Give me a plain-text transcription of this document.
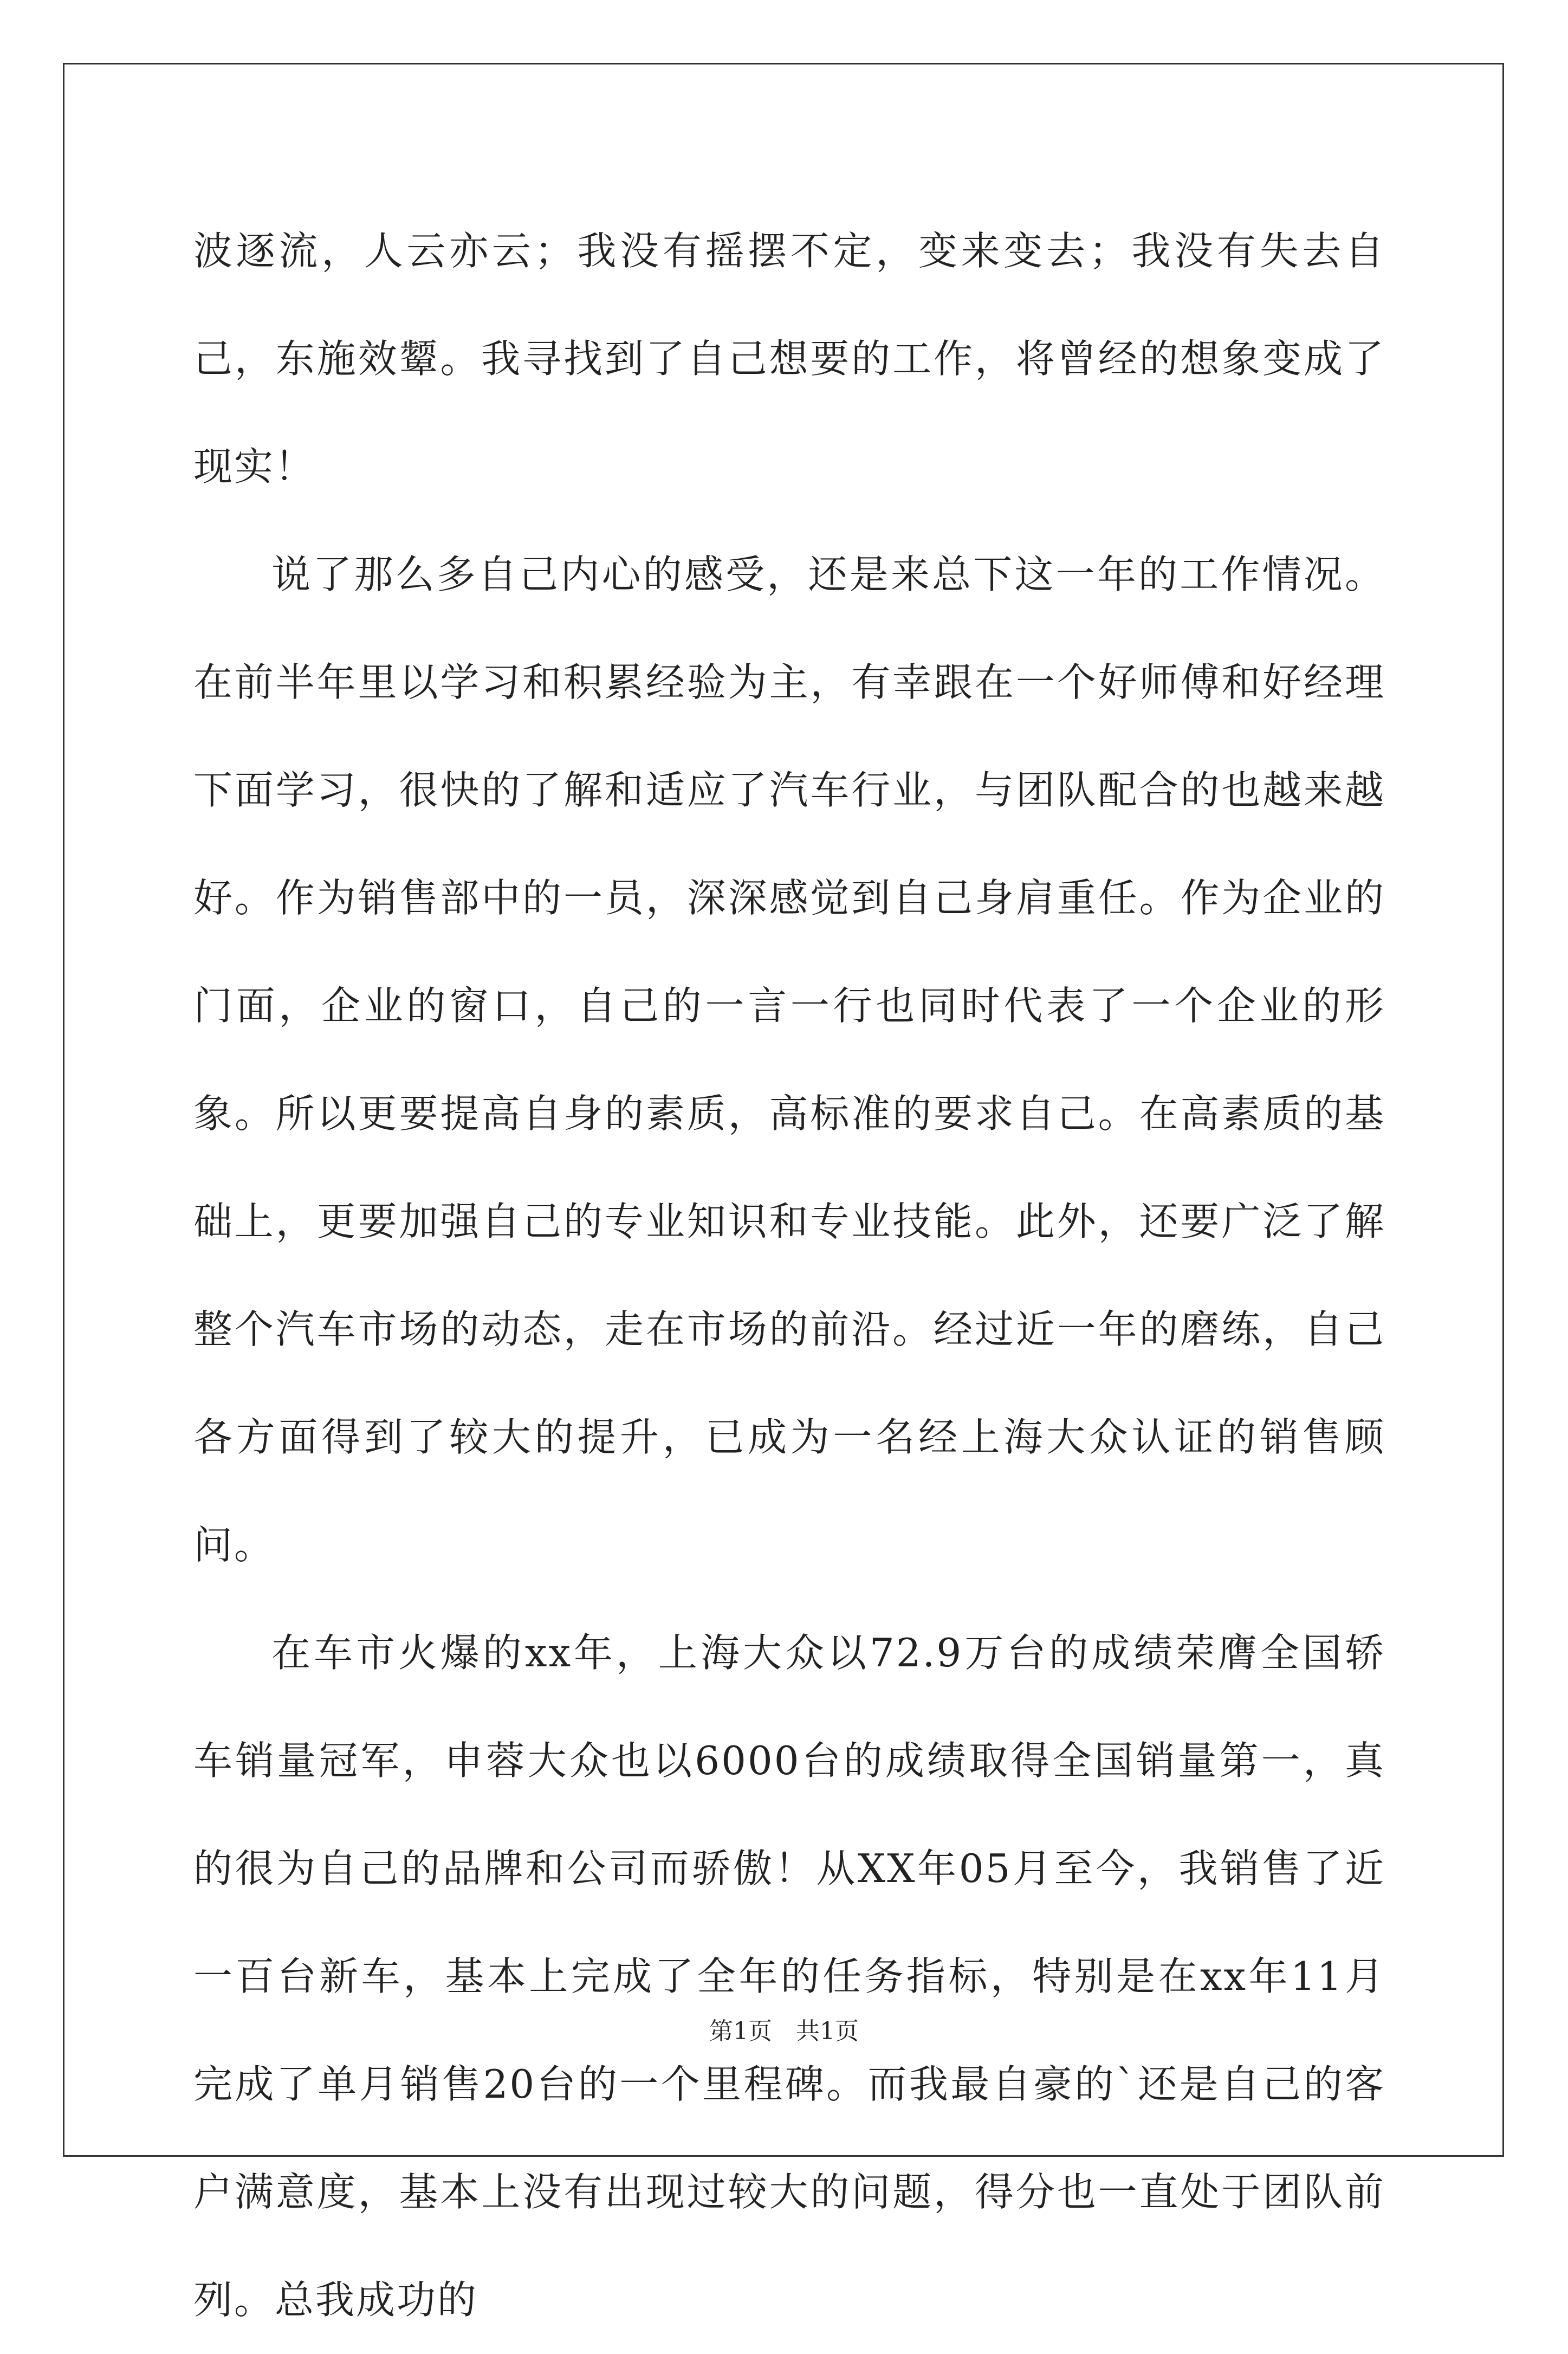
波逐流，人云亦云；我没有摇摆不定，变来变去；我没有失去自己，东施效颦。我寻找到了自己想要的工作，将曾经的想象变成了现实！

说了那么多自己内心的感受，还是来总下这一年的工作情况。在前半年里以学习和积累经验为主，有幸跟在一个好师傅和好经理下面学习，很快的了解和适应了汽车行业，与团队配合的也越来越好。作为销售部中的一员，深深感觉到自己身肩重任。作为企业的门面，企业的窗口，自己的一言一行也同时代表了一个企业的形象。所以更要提高自身的素质，高标准的要求自己。在高素质的基础上，更要加强自己的专业知识和专业技能。此外，还要广泛了解整个汽车市场的动态，走在市场的前沿。经过近一年的磨练，自己各方面得到了较大的提升，已成为一名经上海大众认证的销售顾问。

在车市火爆的xx年，上海大众以72.9万台的成绩荣膺全国轿车销量冠军，申蓉大众也以6000台的成绩取得全国销量第一，真的很为自己的品牌和公司而骄傲！从XX年05月至今，我销售了近一百台新车，基本上完成了全年的任务指标，特别是在xx年11月完成了单月销售20台的一个里程碑。而我最自豪的`还是自己的客户满意度，基本上没有出现过较大的问题，得分也一直处于团队前列。总我成功的

第1页　共1页
